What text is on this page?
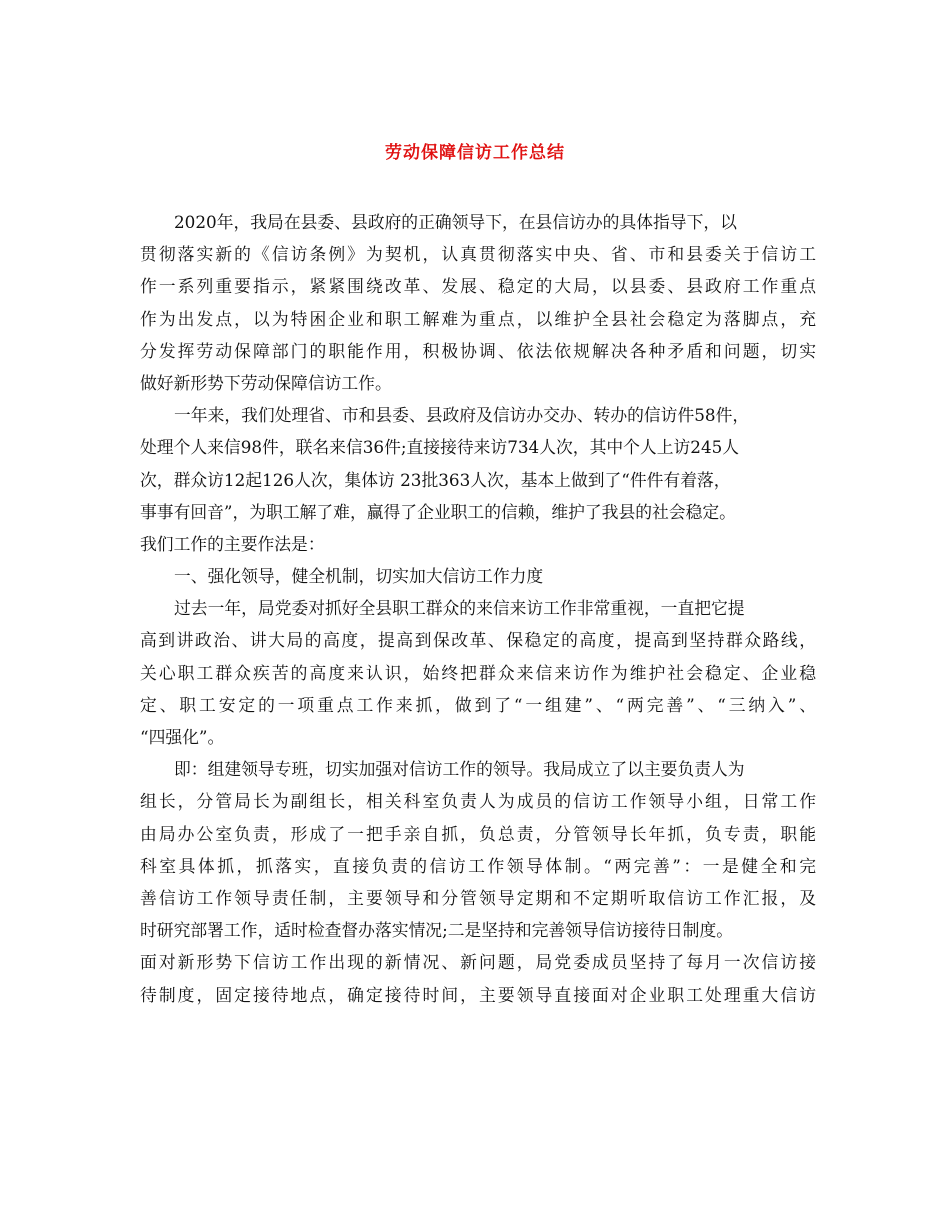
劳动保障信访工作总结
2020年，我局在县委、县政府的正确领导下，在县信访办的具体指导下，以
贯彻落实新的《信访条例》为契机，认真贯彻落实中央、省、市和县委关于信访工
作一系列重要指示，紧紧围绕改革、发展、稳定的大局，以县委、县政府工作重点
作为出发点，以为特困企业和职工解难为重点，以维护全县社会稳定为落脚点，充
分发挥劳动保障部门的职能作用，积极协调、依法依规解决各种矛盾和问题，切实
做好新形势下劳动保障信访工作。
一年来，我们处理省、市和县委、县政府及信访办交办、转办的信访件58件，
处理个人来信98件，联名来信36件;直接接待来访734人次，其中个人上访245人
次，群众访12起126人次，集体访 23批363人次，基本上做到了“件件有着落，
事事有回音”，为职工解了难，赢得了企业职工的信赖，维护了我县的社会稳定。
我们工作的主要作法是：
一、强化领导，健全机制，切实加大信访工作力度
过去一年，局党委对抓好全县职工群众的来信来访工作非常重视，一直把它提
高到讲政治、讲大局的高度，提高到保改革、保稳定的高度，提高到坚持群众路线，
关心职工群众疾苦的高度来认识，始终把群众来信来访作为维护社会稳定、企业稳
定、职工安定的一项重点工作来抓，做到了“一组建”、“两完善”、“三纳入”、
“四强化”。
即：组建领导专班，切实加强对信访工作的领导。我局成立了以主要负责人为
组长，分管局长为副组长，相关科室负责人为成员的信访工作领导小组，日常工作
由局办公室负责，形成了一把手亲自抓，负总责，分管领导长年抓，负专责，职能
科室具体抓，抓落实，直接负责的信访工作领导体制。“两完善”：一是健全和完
善信访工作领导责任制，主要领导和分管领导定期和不定期听取信访工作汇报，及
时研究部署工作，适时检查督办落实情况;二是坚持和完善领导信访接待日制度。
面对新形势下信访工作出现的新情况、新问题，局党委成员坚持了每月一次信访接
待制度，固定接待地点，确定接待时间，主要领导直接面对企业职工处理重大信访
